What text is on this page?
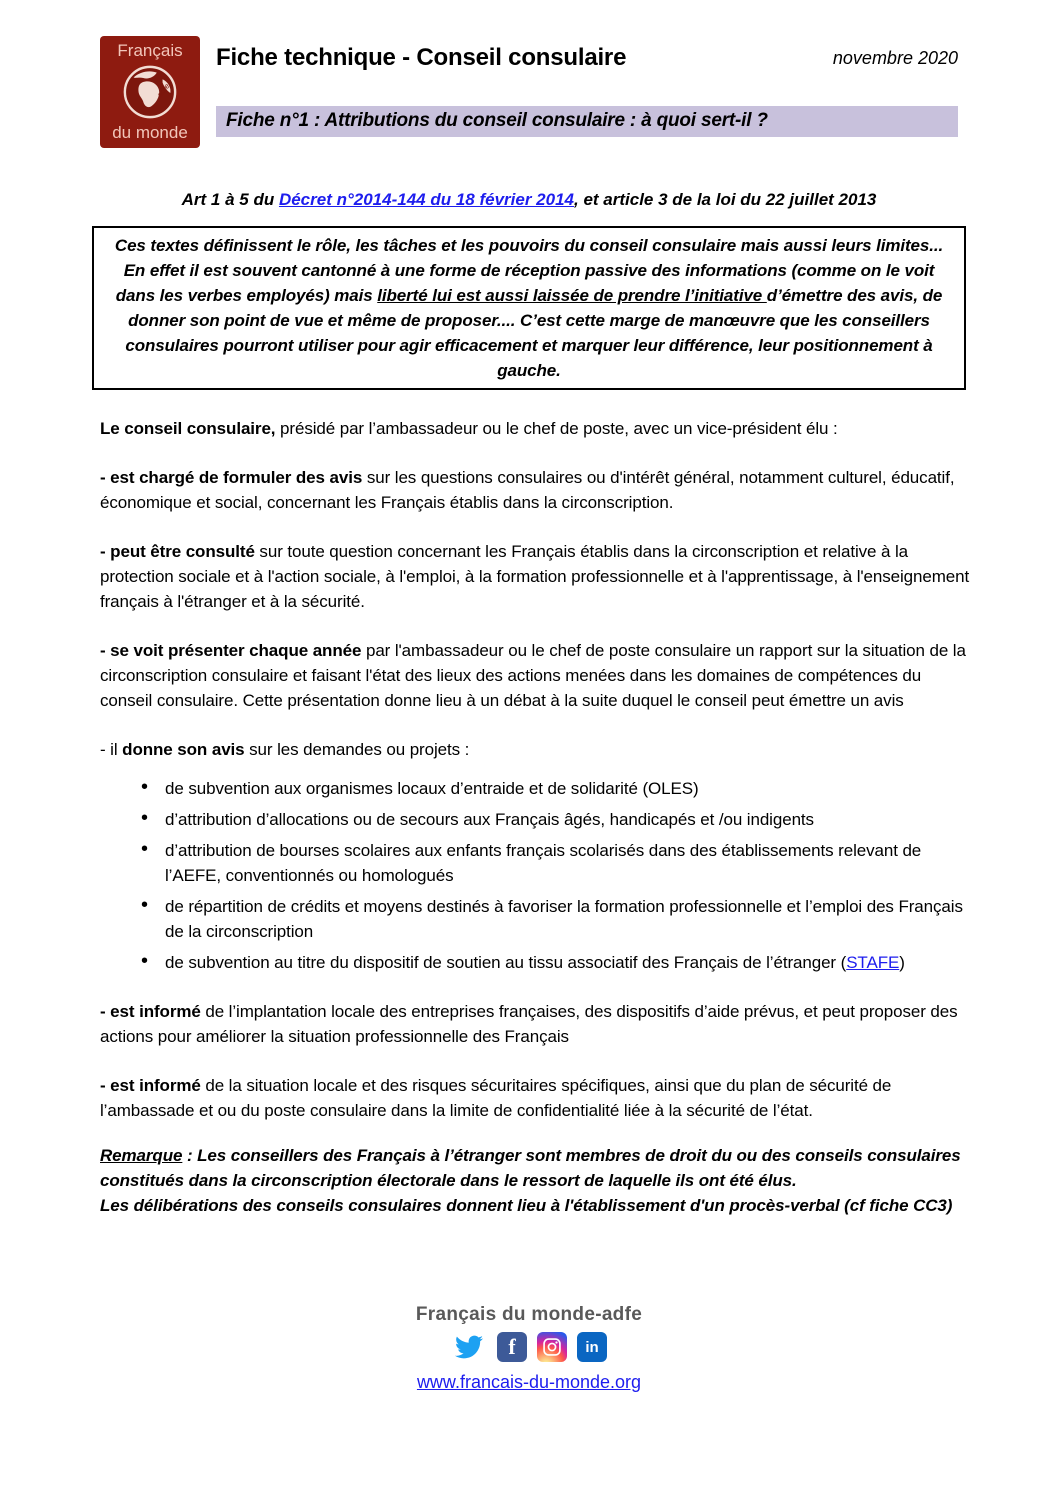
Français
adfe
du monde
Fiche technique - Conseil consulaire	novembre 2020
Fiche n°1 : Attributions du conseil consulaire : à quoi sert-il ?
Art 1 à 5 du Décret n°2014-144 du 18 février 2014, et article 3 de la loi du 22 juillet 2013
Ces textes définissent le rôle, les tâches et les pouvoirs du conseil consulaire mais aussi leurs limites... En effet il est souvent cantonné à une forme de réception passive des informations (comme on le voit dans les verbes employés) mais liberté lui est aussi laissée de prendre l’initiative d’émettre des avis, de donner son point de vue et même de proposer.... C’est cette marge de manœuvre que les conseillers consulaires pourront utiliser pour agir efficacement et marquer leur différence, leur positionnement à gauche.

Le conseil consulaire, présidé par l’ambassadeur ou le chef de poste, avec un vice-président élu :

- est chargé de formuler des avis sur les questions consulaires ou d'intérêt général, notamment culturel, éducatif, économique et social, concernant les Français établis dans la circonscription.

- peut être consulté sur toute question concernant les Français établis dans la circonscription et relative à la protection sociale et à l'action sociale, à l'emploi, à la formation professionnelle et à l'apprentissage, à l'enseignement français à l'étranger et à la sécurité.

- se voit présenter chaque année par l'ambassadeur ou le chef de poste consulaire un rapport sur la situation de la circonscription consulaire et faisant l'état des lieux des actions menées dans les domaines de compétences du conseil consulaire. Cette présentation donne lieu à un débat à la suite duquel le conseil peut émettre un avis

- il donne son avis sur les demandes ou projets :

• de subvention aux organismes locaux d’entraide et de solidarité (OLES)
• d’attribution d’allocations ou de secours aux Français âgés, handicapés et /ou indigents
• d’attribution de bourses scolaires aux enfants français scolarisés dans des établissements relevant de l’AEFE, conventionnés ou homologués
• de répartition de crédits et moyens destinés à favoriser la formation professionnelle et l’emploi des Français de la circonscription
• de subvention au titre du dispositif de soutien au tissu associatif des Français de l’étranger (STAFE)

- est informé de l’implantation locale des entreprises françaises, des dispositifs d’aide prévus, et peut proposer des actions pour améliorer la situation professionnelle des Français

- est informé de la situation locale et des risques sécuritaires spécifiques, ainsi que du plan de sécurité de l’ambassade et ou du poste consulaire dans la limite de confidentialité liée à la sécurité de l’état.

Remarque : Les conseillers des Français à l’étranger sont membres de droit du ou des conseils consulaires constitués dans la circonscription électorale dans le ressort de laquelle ils ont été élus.
Les délibérations des conseils consulaires donnent lieu à l'établissement d'un procès-verbal (cf fiche CC3)
Français du monde-adfe
f	in
www.francais-du-monde.org
